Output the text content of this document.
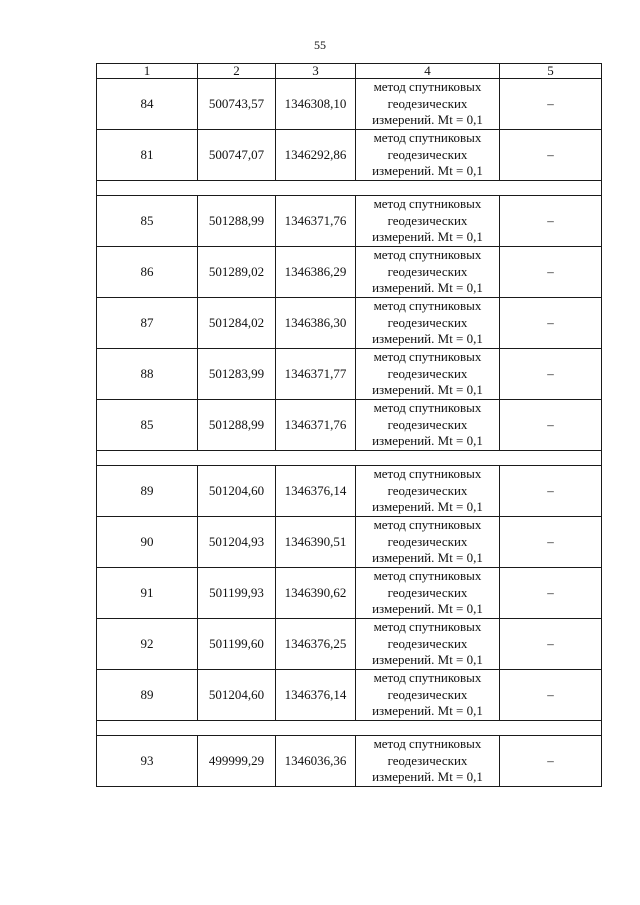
55
1	2	3	4	5
84	500743,57	1346308,10	метод спутниковых
геодезических
измерений. Mt = 0,1	–
81	500747,07	1346292,86	метод спутниковых
геодезических
измерений. Mt = 0,1	–

85	501288,99	1346371,76	метод спутниковых
геодезических
измерений. Mt = 0,1	–
86	501289,02	1346386,29	метод спутниковых
геодезических
измерений. Mt = 0,1	–
87	501284,02	1346386,30	метод спутниковых
геодезических
измерений. Mt = 0,1	–
88	501283,99	1346371,77	метод спутниковых
геодезических
измерений. Mt = 0,1	–
85	501288,99	1346371,76	метод спутниковых
геодезических
измерений. Mt = 0,1	–

89	501204,60	1346376,14	метод спутниковых
геодезических
измерений. Mt = 0,1	–
90	501204,93	1346390,51	метод спутниковых
геодезических
измерений. Mt = 0,1	–
91	501199,93	1346390,62	метод спутниковых
геодезических
измерений. Mt = 0,1	–
92	501199,60	1346376,25	метод спутниковых
геодезических
измерений. Mt = 0,1	–
89	501204,60	1346376,14	метод спутниковых
геодезических
измерений. Mt = 0,1	–

93	499999,29	1346036,36	метод спутниковых
геодезических
измерений. Mt = 0,1	–
